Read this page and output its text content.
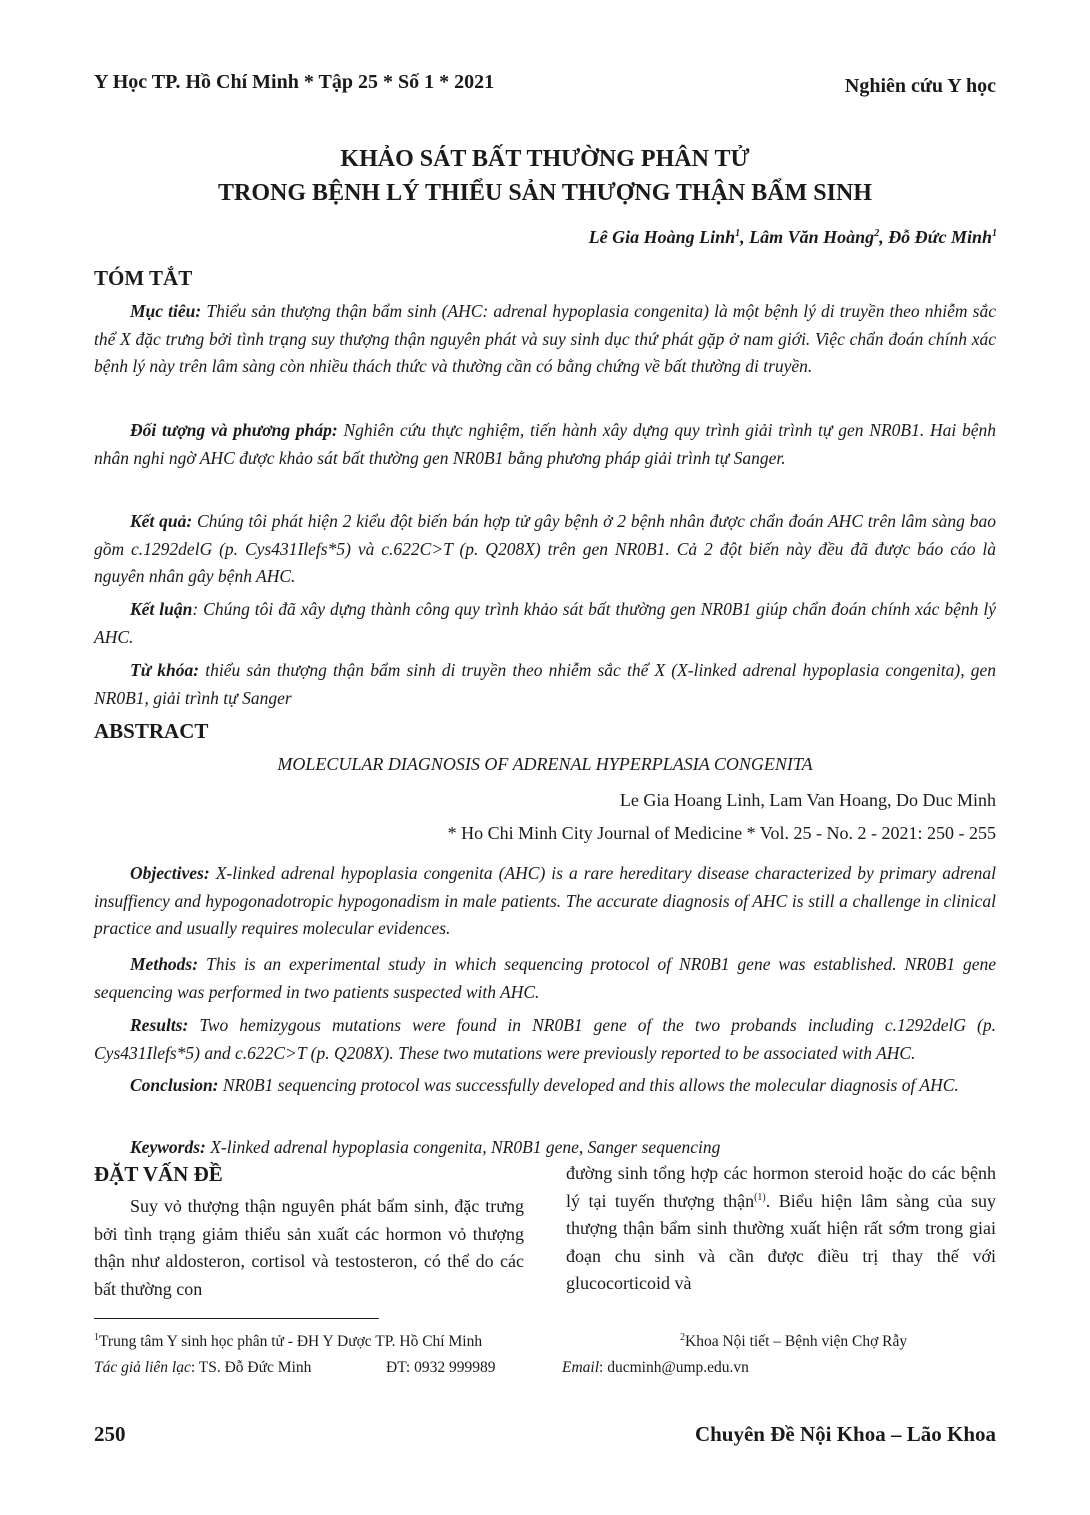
Y Học TP. Hồ Chí Minh * Tập 25 * Số 1 * 2021	Nghiên cứu Y học
KHẢO SÁT BẤT THƯỜNG PHÂN TỬ
TRONG BỆNH LÝ THIỂU SẢN THƯỢNG THẬN BẨM SINH
Lê Gia Hoàng Linh$^1$, Lâm Văn Hoàng$^2$, Đỗ Đức Minh$^1$
TÓM TẮT
Mục tiêu: Thiểu sản thượng thận bẩm sinh (AHC: adrenal hypoplasia congenita) là một bệnh lý di truyền theo nhiễm sắc thể X đặc trưng bởi tình trạng suy thượng thận nguyên phát và suy sinh dục thứ phát gặp ở nam giới. Việc chẩn đoán chính xác bệnh lý này trên lâm sàng còn nhiều thách thức và thường cần có bằng chứng về bất thường di truyền.
Đối tượng và phương pháp: Nghiên cứu thực nghiệm, tiến hành xây dựng quy trình giải trình tự gen NR0B1. Hai bệnh nhân nghi ngờ AHC được khảo sát bất thường gen NR0B1 bằng phương pháp giải trình tự Sanger.
Kết quả: Chúng tôi phát hiện 2 kiểu đột biến bán hợp tử gây bệnh ở 2 bệnh nhân được chẩn đoán AHC trên lâm sàng bao gồm c.1292delG (p. Cys431Ilefs*5) và c.622C>T (p. Q208X) trên gen NR0B1. Cả 2 đột biến này đều đã được báo cáo là nguyên nhân gây bệnh AHC.
Kết luận: Chúng tôi đã xây dựng thành công quy trình khảo sát bất thường gen NR0B1 giúp chẩn đoán chính xác bệnh lý AHC.
Từ khóa: thiểu sản thượng thận bẩm sinh di truyền theo nhiễm sắc thể X (X-linked adrenal hypoplasia congenita), gen NR0B1, giải trình tự Sanger
ABSTRACT
MOLECULAR DIAGNOSIS OF ADRENAL HYPERPLASIA CONGENITA
Le Gia Hoang Linh, Lam Van Hoang, Do Duc Minh
* Ho Chi Minh City Journal of Medicine * Vol. 25 - No. 2 - 2021: 250 - 255
Objectives: X-linked adrenal hypoplasia congenita (AHC) is a rare hereditary disease characterized by primary adrenal insuffiency and hypogonadotropic hypogonadism in male patients. The accurate diagnosis of AHC is still a challenge in clinical practice and usually requires molecular evidences.
Methods: This is an experimental study in which sequencing protocol of NR0B1 gene was established. NR0B1 gene sequencing was performed in two patients suspected with AHC.
Results: Two hemizygous mutations were found in NR0B1 gene of the two probands including c.1292delG (p. Cys431Ilefs*5) and c.622C>T (p. Q208X). These two mutations were previously reported to be associated with AHC.
Conclusion: NR0B1 sequencing protocol was successfully developed and this allows the molecular diagnosis of AHC.
Keywords: X-linked adrenal hypoplasia congenita, NR0B1 gene, Sanger sequencing
ĐẶT VẤN ĐỀ
Suy vỏ thượng thận nguyên phát bẩm sinh, đặc trưng bởi tình trạng giảm thiểu sản xuất các hormon vỏ thượng thận như aldosteron, cortisol và testosteron, có thể do các bất thường con
đường sinh tổng hợp các hormon steroid hoặc do các bệnh lý tại tuyến thượng thận$^{(1)}$. Biểu hiện lâm sàng của suy thượng thận bẩm sinh thường xuất hiện rất sớm trong giai đoạn chu sinh và cần được điều trị thay thế với glucocorticoid và
$^1$Trung tâm Y sinh học phân tử - ĐH Y Dược TP. Hồ Chí Minh	$^2$Khoa Nội tiết – Bệnh viện Chợ Rẫy
Tác giả liên lạc: TS. Đỗ Đức Minh	ĐT: 0932 999989	Email: ducminh@ump.edu.vn
250	Chuyên Đề Nội Khoa – Lão Khoa
